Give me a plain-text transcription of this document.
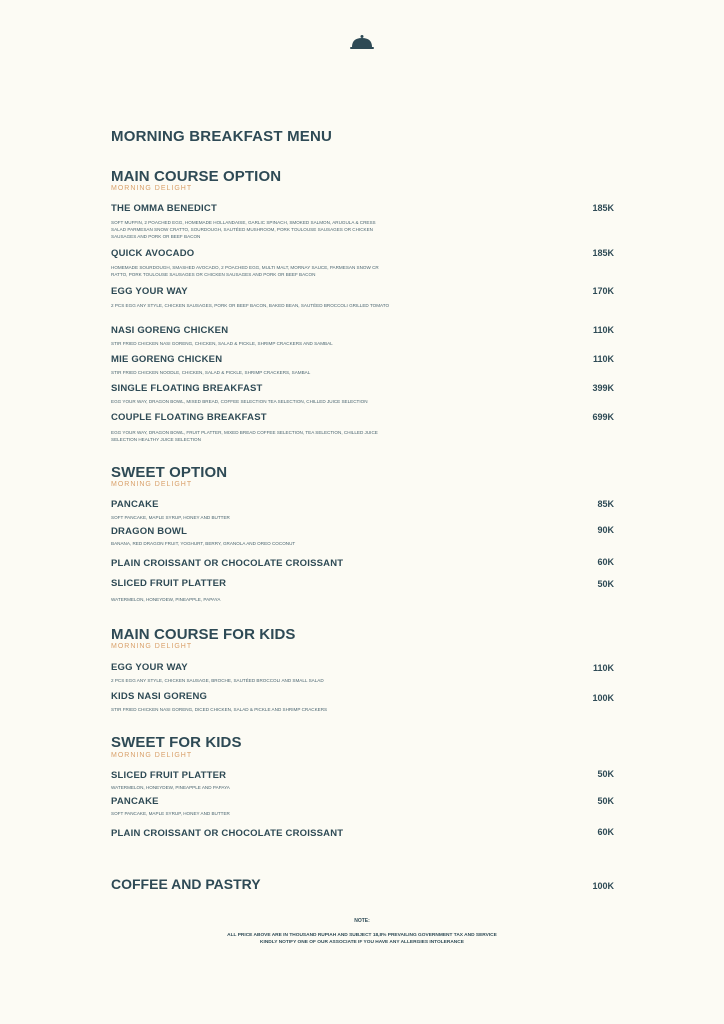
MORNING BREAKFAST MENU
MAIN COURSE OPTION
MORNING DELIGHT
THE OMMA BENEDICT	185K
SOFT MUFFIN, 2 POACHED EGG, HOMEMADE HOLLANDAISE, GARLIC SPINACH, SMOKED SALMON, ARUGULA & CRESS SALAD PARMESAN SNOW CRATTO, SOURDOUGH, SAUTÉED MUSHROOM, PORK TOULOUSE SAUSAGES OR CHICKEN SAUSAGES AND PORK OR BEEF BACON
QUICK AVOCADO	185K
HOMEMADE SOURDOUGH, SMASHED AVOCADO, 2 POACHED EGG, MULTI MALT, MORNAY SAUCE, PARMESAN SNOW CR RATTO, PORK TOULOUSE SAUSAGES OR CHICKEN SAUSAGES AND PORK OR BEEF BACON
EGG YOUR WAY	170K
2 PCS EGG ANY STYLE, CHICKEN SAUSAGES, PORK OR BEEF BACON, BAKED BEAN, SAUTÉED BROCCOLI GRILLED TOMATO
NASI GORENG CHICKEN	110K
STIR FRIED CHICKEN NASI GORENG, CHICKEN, SALAD & PICKLE, SHRIMP CRACKERS AND SAMBAL
MIE GORENG CHICKEN	110K
STIR FRIED CHICKEN NOODLE, CHICKEN, SALAD & PICKLE, SHRIMP CRACKERS, SAMBAL
SINGLE FLOATING BREAKFAST	399K
EGG YOUR WAY, DRAGON BOWL, MIXED BREAD, COFFEE SELECTION TEA SELECTION, CHILLED JUICE SELECTION
COUPLE FLOATING BREAKFAST	699K
EGG YOUR WAY, DRAGON BOWL, FRUIT PLATTER, MIXED BREAD COFFEE SELECTION, TEA SELECTION, CHILLED JUICE SELECTION HEALTHY JUICE SELECTION
SWEET OPTION
MORNING DELIGHT
PANCAKE	85K
SOFT PANCAKE, MAPLE SYRUP, HONEY AND BUTTER
DRAGON BOWL	90K
BANANA, RED DRAGON FRUIT, YOGHURT, BERRY, GRANOLA AND OREO COCONUT
PLAIN CROISSANT OR CHOCOLATE CROISSANT	60K
SLICED FRUIT PLATTER	50K
WATERMELON, HONEYDEW, PINEAPPLE, PAPAYA
MAIN COURSE FOR KIDS
MORNING DELIGHT
EGG YOUR WAY	110K
2 PCS EGG ANY STYLE, CHICKEN SAUSAGE, BROCHE, SAUTÉED BROCCOLI AND SMALL SALAD
KIDS NASI GORENG	100K
STIR FRIED CHICKEN NASI GORENG, DICED CHICKEN, SALAD & PICKLE AND SHRIMP CRACKERS
SWEET FOR KIDS
MORNING DELIGHT
SLICED FRUIT PLATTER	50K
WATERMELON, HONEYDEW, PINEAPPLE AND PAPAYA
PANCAKE	50K
SOFT PANCAKE, MAPLE SYRUP, HONEY AND BUTTER
PLAIN CROISSANT OR CHOCOLATE CROISSANT	60K
COFFEE AND PASTRY	100K
NOTE:
ALL PRICE ABOVE ARE IN THOUSAND RUPIAH AND SUBJECT 18,8% PREVAILING GOVERNMENT TAX AND SERVICE
KINDLY NOTIFY ONE OF OUR ASSOCIATE IF YOU HAVE ANY ALLERGIES INTOLERANCE
